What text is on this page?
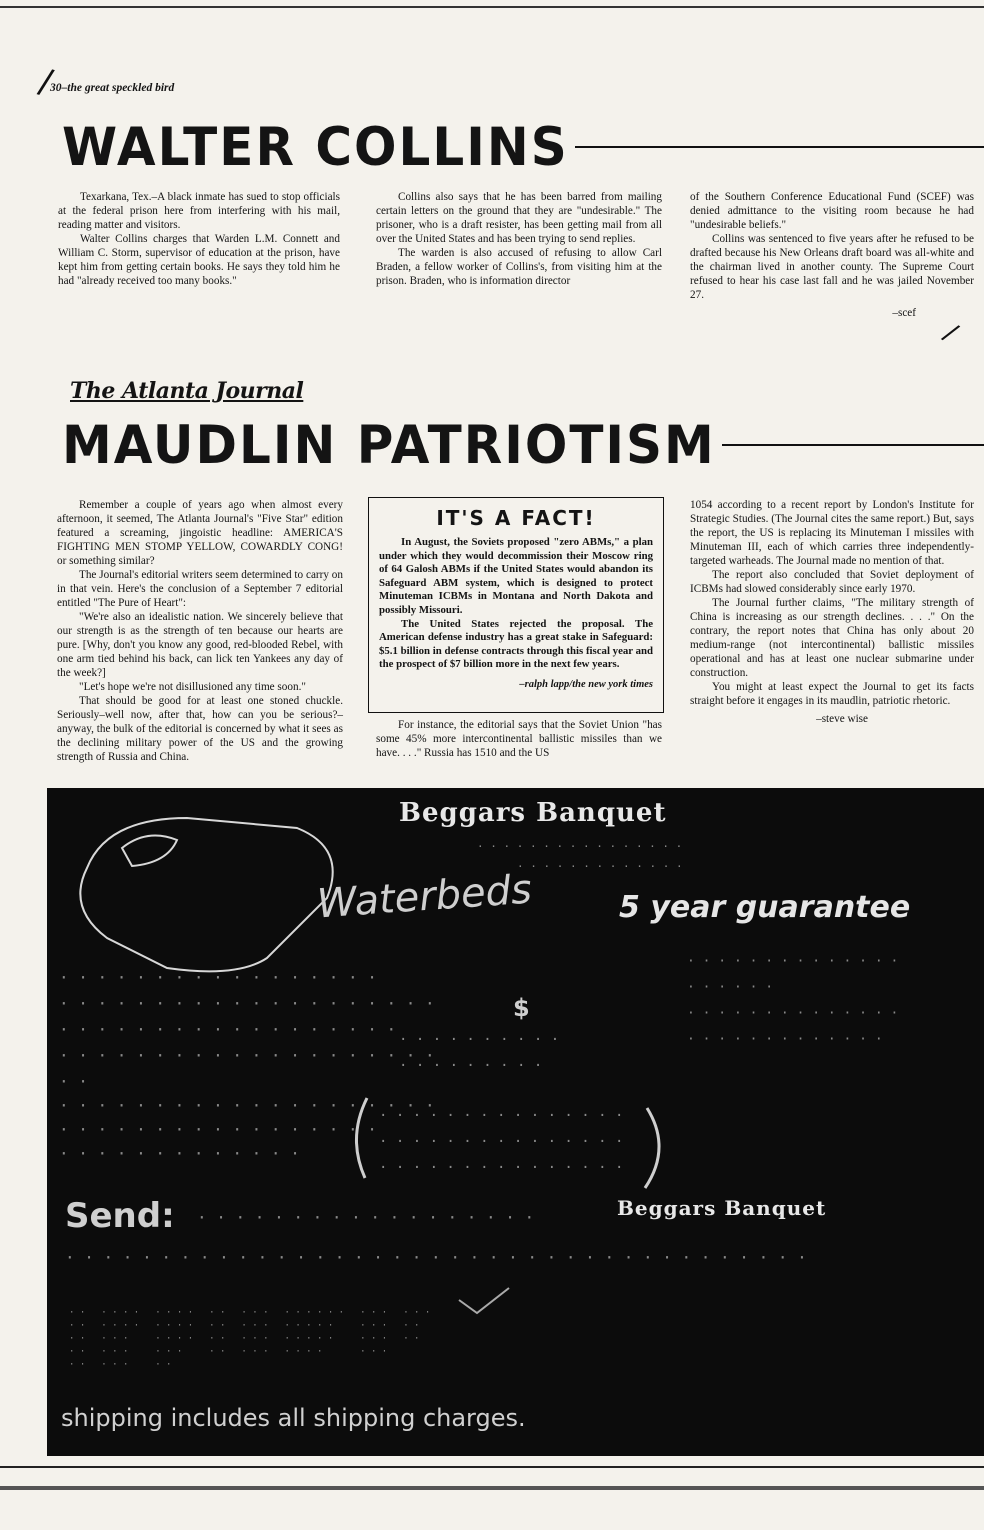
/
30–the great speckled bird
WALTER COLLINS

Texarkana, Tex.–A black inmate has sued to stop officials at the federal prison here from interfering with his mail, reading matter and visitors.

Walter Collins charges that Warden L.M. Connett and William C. Storm, supervisor of education at the prison, have kept him from getting certain books. He says they told him he had "already received too many books."

Collins also says that he has been barred from mailing certain letters on the ground that they are "undesirable." The prisoner, who is a draft resister, has been getting mail from all over the United States and has been trying to send replies.

The warden is also accused of refusing to allow Carl Braden, a fellow worker of Collins's, from visiting him at the prison. Braden, who is information director

of the Southern Conference Educational Fund (SCEF) was denied admittance to the visiting room because he had "undesirable beliefs."

Collins was sentenced to five years after he refused to be drafted because his New Orleans draft board was all-white and the chairman lived in another county. The Supreme Court refused to hear his case last fall and he was jailed November 27.

–scef
/
The Atlanta Journal
MAUDLIN PATRIOTISM

Remember a couple of years ago when almost every afternoon, it seemed, The Atlanta Journal's "Five Star" edition featured a screaming, jingoistic headline: AMERICA'S FIGHTING MEN STOMP YELLOW, COWARDLY CONG! or something similar?

The Journal's editorial writers seem determined to carry on in that vein. Here's the conclusion of a September 7 editorial entitled "The Pure of Heart":

"We're also an idealistic nation. We sincerely believe that our strength is as the strength of ten because our hearts are pure. [Why, don't you know any good, red-blooded Rebel, with one arm tied behind his back, can lick ten Yankees any day of the week?]

"Let's hope we're not disillusioned any time soon."

That should be good for at least one stoned chuckle. Seriously–well now, after that, how can you be serious?–anyway, the bulk of the editorial is concerned by what it sees as the declining military power of the US and the growing strength of Russia and China.

IT'S A FACT!

In August, the Soviets proposed "zero ABMs," a plan under which they would decommission their Moscow ring of 64 Galosh ABMs if the United States would abandon its Safeguard ABM system, which is designed to protect Minuteman ICBMs in Montana and North Dakota and possibly Missouri.

The United States rejected the proposal. The American defense industry has a great stake in Safeguard: $5.1 billion in defense contracts through this fiscal year and the prospect of $7 billion more in the next few years.

–ralph lapp/the new york times

For instance, the editorial says that the Soviet Union "has some 45% more intercontinental ballistic missiles than we have. . . ." Russia has 1510 and the US

1054 according to a recent report by London's Institute for Strategic Studies. (The Journal cites the same report.) But, says the report, the US is replacing its Minuteman I missiles with Minuteman III, each of which carries three independently-targeted warheads. The Journal made no mention of that.

The report also concluded that Soviet deployment of ICBMs had slowed considerably since early 1970.

The Journal further claims, "The military strength of China is increasing as our strength declines. . . ." On the contrary, the report notes that China has only about 20 medium-range (not intercontinental) ballistic missiles operational and has at least one nuclear submarine under construction.

You might at least expect the Journal to get its facts straight before it engages in its maudlin, patriotic rhetoric.

–steve wise
Beggars Banquet
· · · · · · · · · · · · · · · ·
· · · · · · · · · · · · ·
Waterbeds	5 year guarantee
· · · · · · · · · · · · · · · · ·
· · · · · · · · · · · · · · · · · · · ·
· · · · · · · · · · · · · · · · · ·
· · · · · · · · · · · · · · · · · · · ·
· ·
· · · · · · · · · · · · · · · · · · · ·
· · · · · · · · · · · · · · · · ·
· · · · · · · · · · · · ·
$
· · · · · · · · · ·
· · · · · · · · ·
· · · · · · · · · · · · · · ·
· · · · · · · · · · · · · · ·
· · · · · · · · · · · · · · ·
· · · · · · · · · · · · · ·
· · · · · ·
· · · · · · · · · · · · · ·
· · · · · · · · · · · · ·
Send: · · · · · · · · · · · · · · · · · ·	Beggars Banquet
· · · · · · · · · · · · · · · · · · · · · · · · · · · · · · · · · · · · · · ·
· ·	· · · ·	· · · ·	· ·	· · ·	· · · · · ·	· · ·	· · ·
· ·	· · · ·	· · · ·	· ·	· · ·	· · · · ·	· · ·	· ·
· ·	· · ·	· · · ·	· ·	· · ·	· · · · ·	· · ·	· ·
· ·	· · ·	· · ·	· ·	· · ·	· · · ·	· · ·	
· ·	· · ·	· ·					
shipping includes all shipping charges.
